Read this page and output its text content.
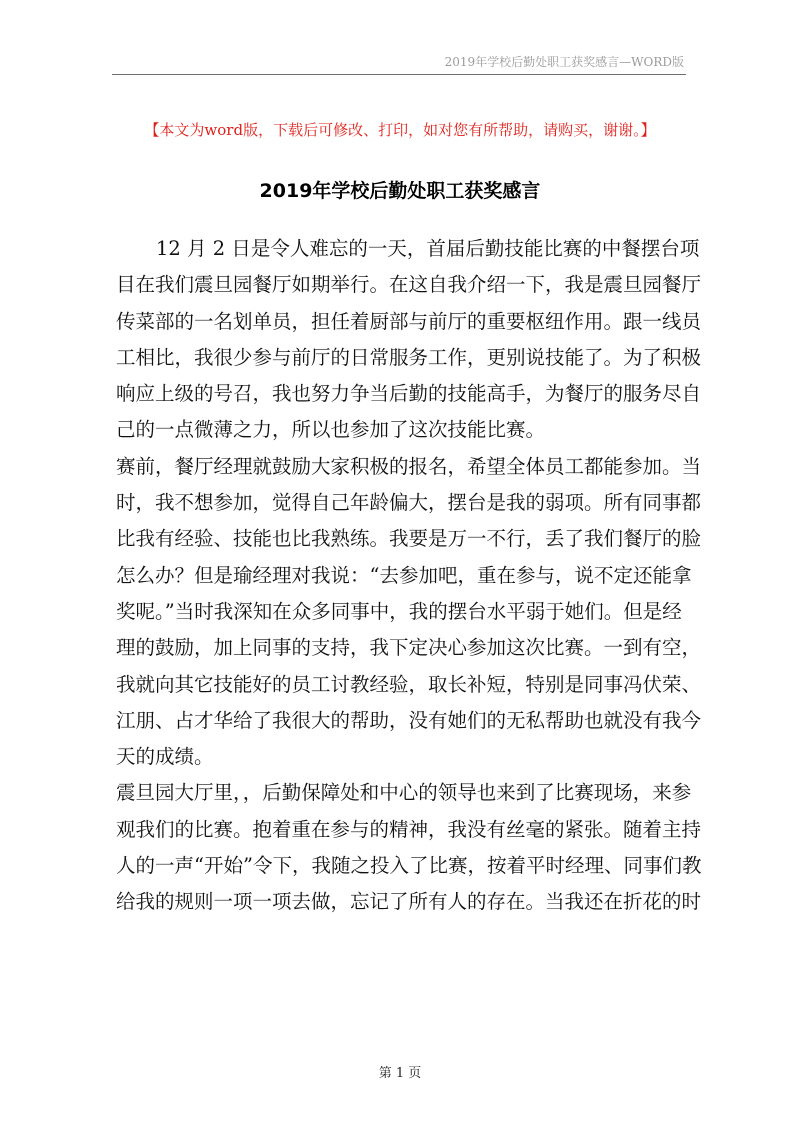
2019年学校后勤处职工获奖感言—WORD版
【本文为word版，下载后可修改、打印，如对您有所帮助，请购买，谢谢。】
2019年学校后勤处职工获奖感言
12 月 2 日是令人难忘的一天，首届后勤技能比赛的中餐摆台项
目在我们震旦园餐厅如期举行。在这自我介绍一下，我是震旦园餐厅
传菜部的一名划单员，担任着厨部与前厅的重要枢纽作用。跟一线员
工相比，我很少参与前厅的日常服务工作，更别说技能了。为了积极
响应上级的号召，我也努力争当后勤的技能高手，为餐厅的服务尽自
己的一点微薄之力，所以也参加了这次技能比赛。
赛前，餐厅经理就鼓励大家积极的报名，希望全体员工都能参加。当
时，我不想参加，觉得自己年龄偏大，摆台是我的弱项。所有同事都
比我有经验、技能也比我熟练。我要是万一不行，丢了我们餐厅的脸
怎么办？但是瑜经理对我说：“去参加吧，重在参与，说不定还能拿
奖呢。”当时我深知在众多同事中，我的摆台水平弱于她们。但是经
理的鼓励，加上同事的支持，我下定决心参加这次比赛。一到有空，
我就向其它技能好的员工讨教经验，取长补短，特别是同事冯伏荣、
江朋、占才华给了我很大的帮助，没有她们的无私帮助也就没有我今
天的成绩。
震旦园大厅里，，后勤保障处和中心的领导也来到了比赛现场，来参
观我们的比赛。抱着重在参与的精神，我没有丝毫的紧张。随着主持
人的一声“开始”令下，我随之投入了比赛，按着平时经理、同事们教
给我的规则一项一项去做，忘记了所有人的存在。当我还在折花的时
第 1 页
